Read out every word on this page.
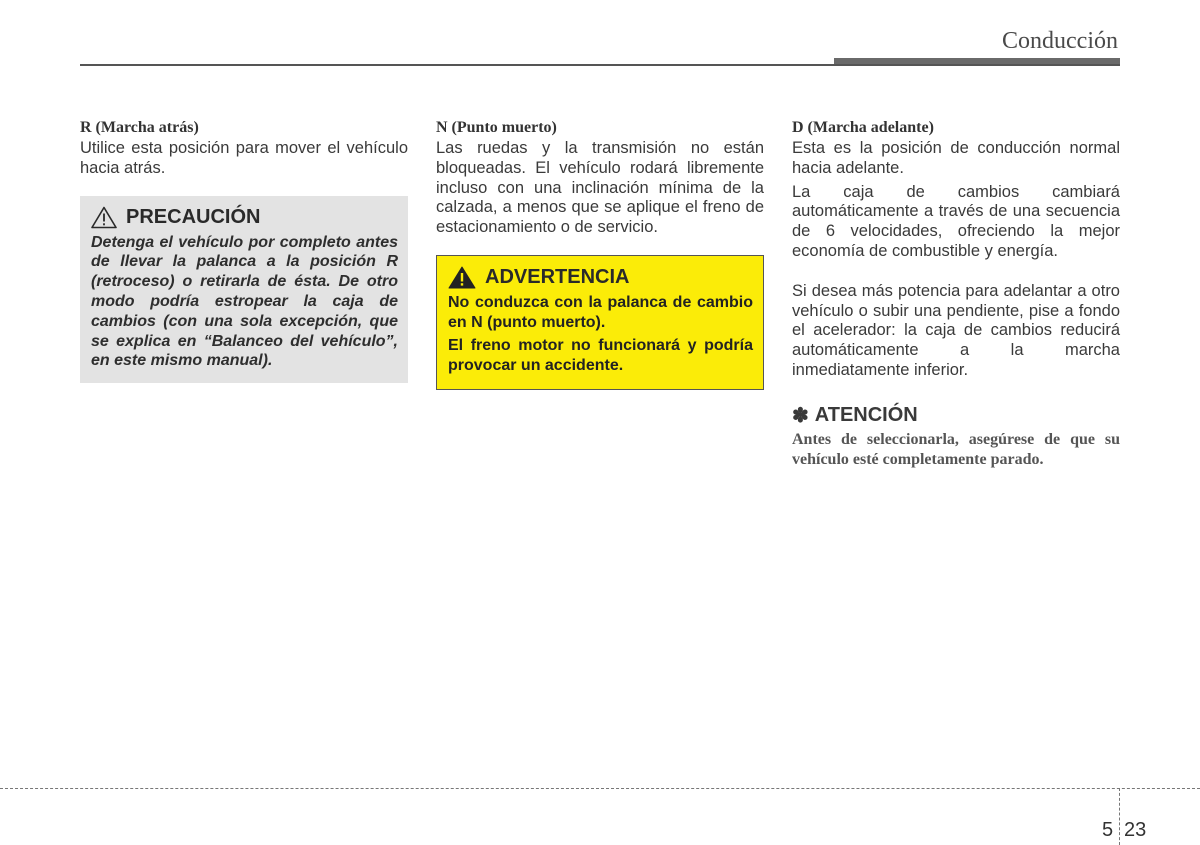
Conducción
R (Marcha atrás)

Utilice esta posición para mover el vehículo hacia atrás.

PRECAUCIÓN
Detenga el vehículo por completo antes de llevar la palanca a la posición R (retroceso) o retirarla de ésta. De otro modo podría estropear la caja de cambios (con una sola excepción, que se explica en “Balanceo del vehículo”, en este mismo manual).
N (Punto muerto)

Las ruedas y la transmisión no están bloqueadas. El vehículo rodará libremente incluso con una inclinación mínima de la calzada, a menos que se aplique el freno de estacionamiento o de servicio.

ADVERTENCIA
No conduzca con la palanca de cambio en N (punto muerto).
El freno motor no funcionará y podría provocar un accidente.
D (Marcha adelante)

Esta es la posición de conducción normal hacia adelante.

La caja de cambios cambiará automáticamente a través de una secuencia de 6 velocidades, ofreciendo la mejor economía de combustible y energía.

Si desea más potencia para adelantar a otro vehículo o subir una pendiente, pise a fondo el acelerador: la caja de cambios reducirá automáticamente a la marcha inmediatamente inferior.

✽ ATENCIÓN
Antes de seleccionarla, asegúrese de que su vehículo esté completamente parado.
5 23
